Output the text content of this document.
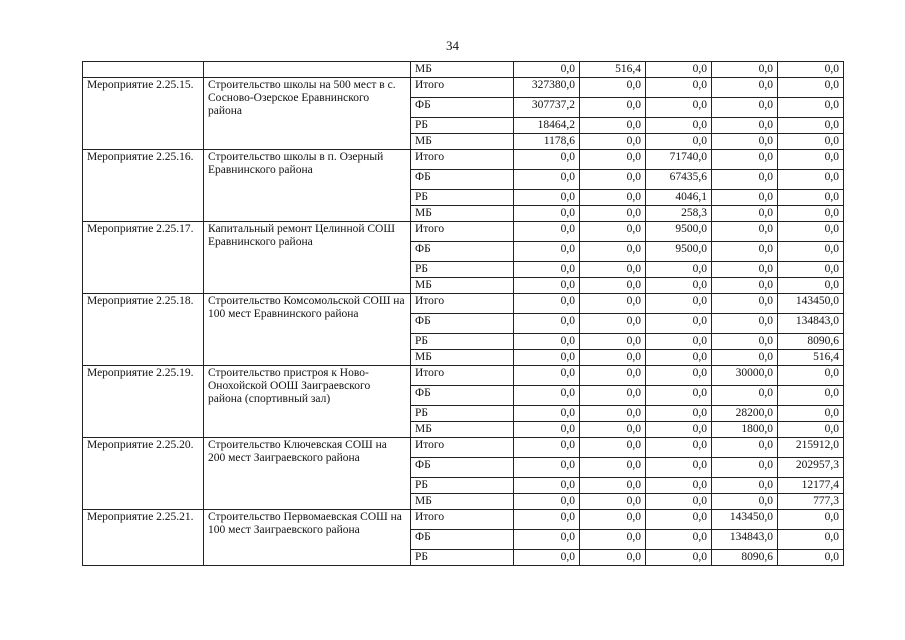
34
		МБ	0,0	516,4	0,0	0,0	0,0
Мероприятие 2.25.15.	Строительство школы на 500 мест в с. Сосново-Озерское Еравнинского района	Итого	327380,0	0,0	0,0	0,0	0,0
		ФБ	307737,2	0,0	0,0	0,0	0,0
		РБ	18464,2	0,0	0,0	0,0	0,0
		МБ	1178,6	0,0	0,0	0,0	0,0
Мероприятие 2.25.16.	Строительство школы в п. Озерный Еравнинского района	Итого	0,0	0,0	71740,0	0,0	0,0
		ФБ	0,0	0,0	67435,6	0,0	0,0
		РБ	0,0	0,0	4046,1	0,0	0,0
		МБ	0,0	0,0	258,3	0,0	0,0
Мероприятие 2.25.17.	Капитальный ремонт Целинной СОШ Еравнинского района	Итого	0,0	0,0	9500,0	0,0	0,0
		ФБ	0,0	0,0	9500,0	0,0	0,0
		РБ	0,0	0,0	0,0	0,0	0,0
		МБ	0,0	0,0	0,0	0,0	0,0
Мероприятие 2.25.18.	Строительство Комсомольской СОШ на 100 мест Еравнинского района	Итого	0,0	0,0	0,0	0,0	143450,0
		ФБ	0,0	0,0	0,0	0,0	134843,0
		РБ	0,0	0,0	0,0	0,0	8090,6
		МБ	0,0	0,0	0,0	0,0	516,4
Мероприятие 2.25.19.	Строительство пристроя к Ново-Онохойской ООШ Заиграевского района (спортивный зал)	Итого	0,0	0,0	0,0	30000,0	0,0
		ФБ	0,0	0,0	0,0	0,0	0,0
		РБ	0,0	0,0	0,0	28200,0	0,0
		МБ	0,0	0,0	0,0	1800,0	0,0
Мероприятие 2.25.20.	Строительство Ключевская СОШ на 200 мест Заиграевского района	Итого	0,0	0,0	0,0	0,0	215912,0
		ФБ	0,0	0,0	0,0	0,0	202957,3
		РБ	0,0	0,0	0,0	0,0	12177,4
		МБ	0,0	0,0	0,0	0,0	777,3
Мероприятие 2.25.21.	Строительство Первомаевская СОШ на 100 мест Заиграевского района	Итого	0,0	0,0	0,0	143450,0	0,0
		ФБ	0,0	0,0	0,0	134843,0	0,0
		РБ	0,0	0,0	0,0	8090,6	0,0
